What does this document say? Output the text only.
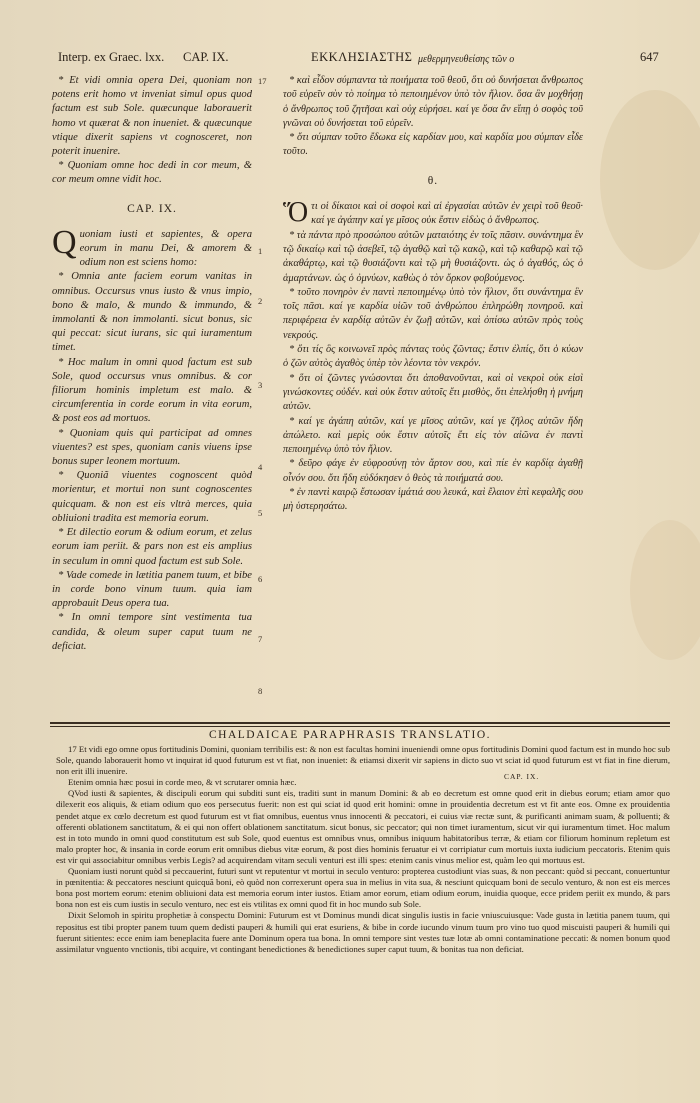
Interp. ex Graec. lxx. CAP. IX.	ΕΚΚΛΗΣΙΑΣΤΗΣ μεθερμηνευθείσης τῶν ο	647

* Et vidi omnia opera Dei, quoniam non potens erit homo vt inveniat simul opus quod factum est sub Sole. quæcunque laborauerit homo vt quærat & non inueniet. & quæcunque vtique dixerit sapiens vt cognosceret, non poterit inuenire.

* Quoniam omne hoc dedi in cor meum, & cor meum omne vidit hoc.

CAP. IX.

Quoniam iusti et sapientes, & opera eorum in manu Dei, & amorem & odium non est sciens homo:

* Omnia ante faciem eorum vanitas in omnibus. Occursus vnus iusto & vnus impio, bono & malo, & mundo & immundo, & immolanti & non immolanti. sicut bonus, sic qui peccat: sicut iurans, sic qui iuramentum timet.

* Hoc malum in omni quod factum est sub Sole, quod occursus vnus omnibus. & cor filiorum hominis impletum est malo. & circumferentia in corde eorum in vita eorum, & post eos ad mortuos.

* Quoniam quis qui participat ad omnes viuentes? est spes, quoniam canis viuens ipse bonus super leonem mortuum.

* Quoniã viuentes cognoscent quòd morientur, et mortui non sunt cognoscentes quicquam. & non est eis vltrà merces, quia obliuioni tradita est memoria eorum.

* Et dilectio eorum & odium eorum, et zelus eorum iam periit. & pars non est eis amplius in seculum in omni quod factum est sub Sole.

* Vade comede in lætitia panem tuum, et bibe in corde bono vinum tuum. quia iam approbauit Deus opera tua.

* In omni tempore sint vestimenta tua candida, & oleum super caput tuum ne deficiat.

17
1
2
3
4
5
6
7
8

* καὶ εἶδον σύμπαντα τὰ ποιήματα τοῦ θεοῦ, ὅτι οὐ δυνήσεται ἄνθρωπος τοῦ εὑρεῖν σὺν τὸ ποίημα τὸ πεποιημένον ὑπὸ τὸν ἥλιον. ὅσα ἂν μοχθήσῃ ὁ ἄνθρωπος τοῦ ζητῆσαι καὶ οὐχ εὑρήσει. καί γε ὅσα ἂν εἴπῃ ὁ σοφὸς τοῦ γνῶναι οὐ δυνήσεται τοῦ εὑρεῖν.

* ὅτι σύμπαν τοῦτο ἔδωκα εἰς καρδίαν μου, καὶ καρδία μου σύμπαν εἶδε τοῦτο.

θ.

Ὅτι οἱ δίκαιοι καὶ οἱ σοφοὶ καὶ αἱ ἐργασίαι αὐτῶν ἐν χειρὶ τοῦ θεοῦ· καί γε ἀγάπην καί γε μῖσος οὐκ ἔστιν εἰδὼς ὁ ἄνθρωπος.

* τὰ πάντα πρὸ προσώπου αὐτῶν ματαιότης ἐν τοῖς πᾶσιν. συνάντημα ἓν τῷ δικαίῳ καὶ τῷ ἀσεβεῖ, τῷ ἀγαθῷ καὶ τῷ κακῷ, καὶ τῷ καθαρῷ καὶ τῷ ἀκαθάρτῳ, καὶ τῷ θυσιάζοντι καὶ τῷ μὴ θυσιάζοντι. ὡς ὁ ἀγαθός, ὡς ὁ ἁμαρτάνων. ὡς ὁ ὀμνύων, καθὼς ὁ τὸν ὅρκον φοβούμενος.

* τοῦτο πονηρὸν ἐν παντὶ πεποιημένῳ ὑπὸ τὸν ἥλιον, ὅτι συνάντημα ἓν τοῖς πᾶσι. καί γε καρδία υἱῶν τοῦ ἀνθρώπου ἐπληρώθη πονηροῦ. καὶ περιφέρεια ἐν καρδίᾳ αὐτῶν ἐν ζωῇ αὐτῶν, καὶ ὀπίσω αὐτῶν πρὸς τοὺς νεκρούς.

* ὅτι τίς ὃς κοινωνεῖ πρὸς πάντας τοὺς ζῶντας; ἔστιν ἐλπίς, ὅτι ὁ κύων ὁ ζῶν αὐτὸς ἀγαθὸς ὑπὲρ τὸν λέοντα τὸν νεκρόν.

* ὅτι οἱ ζῶντες γνώσονται ὅτι ἀποθανοῦνται, καὶ οἱ νεκροὶ οὐκ εἰσὶ γινώσκοντες οὐδέν. καὶ οὐκ ἔστιν αὐτοῖς ἔτι μισθὸς, ὅτι ἐπελήσθη ἡ μνήμη αὐτῶν.

* καί γε ἀγάπη αὐτῶν, καί γε μῖσος αὐτῶν, καί γε ζῆλος αὐτῶν ἤδη ἀπώλετο. καὶ μερὶς οὐκ ἔστιν αὐτοῖς ἔτι εἰς τὸν αἰῶνα ἐν παντὶ πεποιημένῳ ὑπὸ τὸν ἥλιον.

* δεῦρο φάγε ἐν εὐφροσύνῃ τὸν ἄρτον σου, καὶ πίε ἐν καρδίᾳ ἀγαθῇ οἶνόν σου. ὅτι ἤδη εὐδόκησεν ὁ θεὸς τὰ ποιήματά σου.

* ἐν παντὶ καιρῷ ἔστωσαν ἱμάτιά σου λευκά, καὶ ἔλαιον ἐπὶ κεφαλῆς σου μὴ ὑστερησάτω.

CHALDAICAE PARAPHRASIS TRANSLATIO.
CAP. IX.

17 Et vidi ego omne opus fortitudinis Domini, quoniam terribilis est: & non est facultas homini inueniendi omne opus fortitudinis Domini quod factum est in mundo hoc sub Sole, quando laborauerit homo vt inquirat id quod futurum est vt fiat, non inueniet: & etiamsi dixerit vir sapiens in dicto suo vt sciat id quod futurum est vt fiat in fine dierum, non erit illi inuenire.

Etenim omnia hæc posui in corde meo, & vt scrutarer omnia hæc.

QVod iusti & sapientes, & discipuli eorum qui subditi sunt eis, traditi sunt in manum Domini: & ab eo decretum est omne quod erit in diebus eorum; etiam amor quo dilexerit eos aliquis, & etiam odium quo eos persecutus fuerit: non est qui sciat id quod erit homini: omne in prouidentia decretum est vt fit ante eos. Omne ex prouidentia pendet atque ex cœlo decretum est quod futurum est vt fiat omnibus, euentus vnus innocenti & peccatori, ei cuius viæ rectæ sunt, & purificanti animam suam, & polluenti; & offerenti oblationem sanctitatum, & ei qui non offert oblationem sanctitatum. sicut bonus, sic peccator; qui non timet iuramentum, sicut vir qui iuramentum timet. Hoc malum est in toto mundo in omni quod constitutum est sub Sole, quod euentus est omnibus vnus, omnibus iniquum habitatoribus terræ, & etiam cor filiorum hominum repletum est malo propter hoc, & insania in corde eorum erit omnibus diebus vitæ eorum, & post dies hominis feruatur ei vt corripiatur cum mortuis iuxta iudicium peccatoris. Etenim quis est vir qui associabitur omnibus verbis Legis? ad acquirendam vitam seculi venturi est illi spes: etenim canis vinus melior est, quàm leo qui mortuus est.

Quoniam iusti norunt quòd si peccauerint, futuri sunt vt reputentur vt mortui in seculo venturo: propterea custodiunt vias suas, & non peccant: quòd si peccant, conuertuntur in pœnitentia: & peccatores nesciunt quicquã boni, eò quòd non correxerunt opera sua in melius in vita sua, & nesciunt quicquam boni de seculo venturo, & non est eis merces bona post mortem eorum: etenim obliuioni data est memoria eorum inter iustos. Etiam amor eorum, etiam odium eorum, inuidia quoque, ecce pridem periit ex mundo, & pars bona non est eis cum iustis in seculo venturo, nec est eis vtilitas ex omni quod fit in hoc mundo sub Sole.

Dixit Selomoh in spiritu prophetiæ à conspectu Domini: Futurum est vt Dominus mundi dicat singulis iustis in facie vniuscuiusque: Vade gusta in lætitia panem tuum, qui repositus est tibi propter panem tuum quem dedisti pauperi & humili qui erat esuriens, & bibe in corde iucundo vinum tuum pro vino tuo quod miscuisti pauperi & humili qui fuerunt sitientes: ecce enim iam beneplacita fuere ante Dominum opera tua bona. In omni tempore sint vestes tuæ lotæ ab omni contaminatione peccati: & nomen bonum quod assimilatur vnguento vnctionis, tibi acquire, vt contingant benedictiones & benedictiones super caput tuum, & bonitas tua non deficiat.
